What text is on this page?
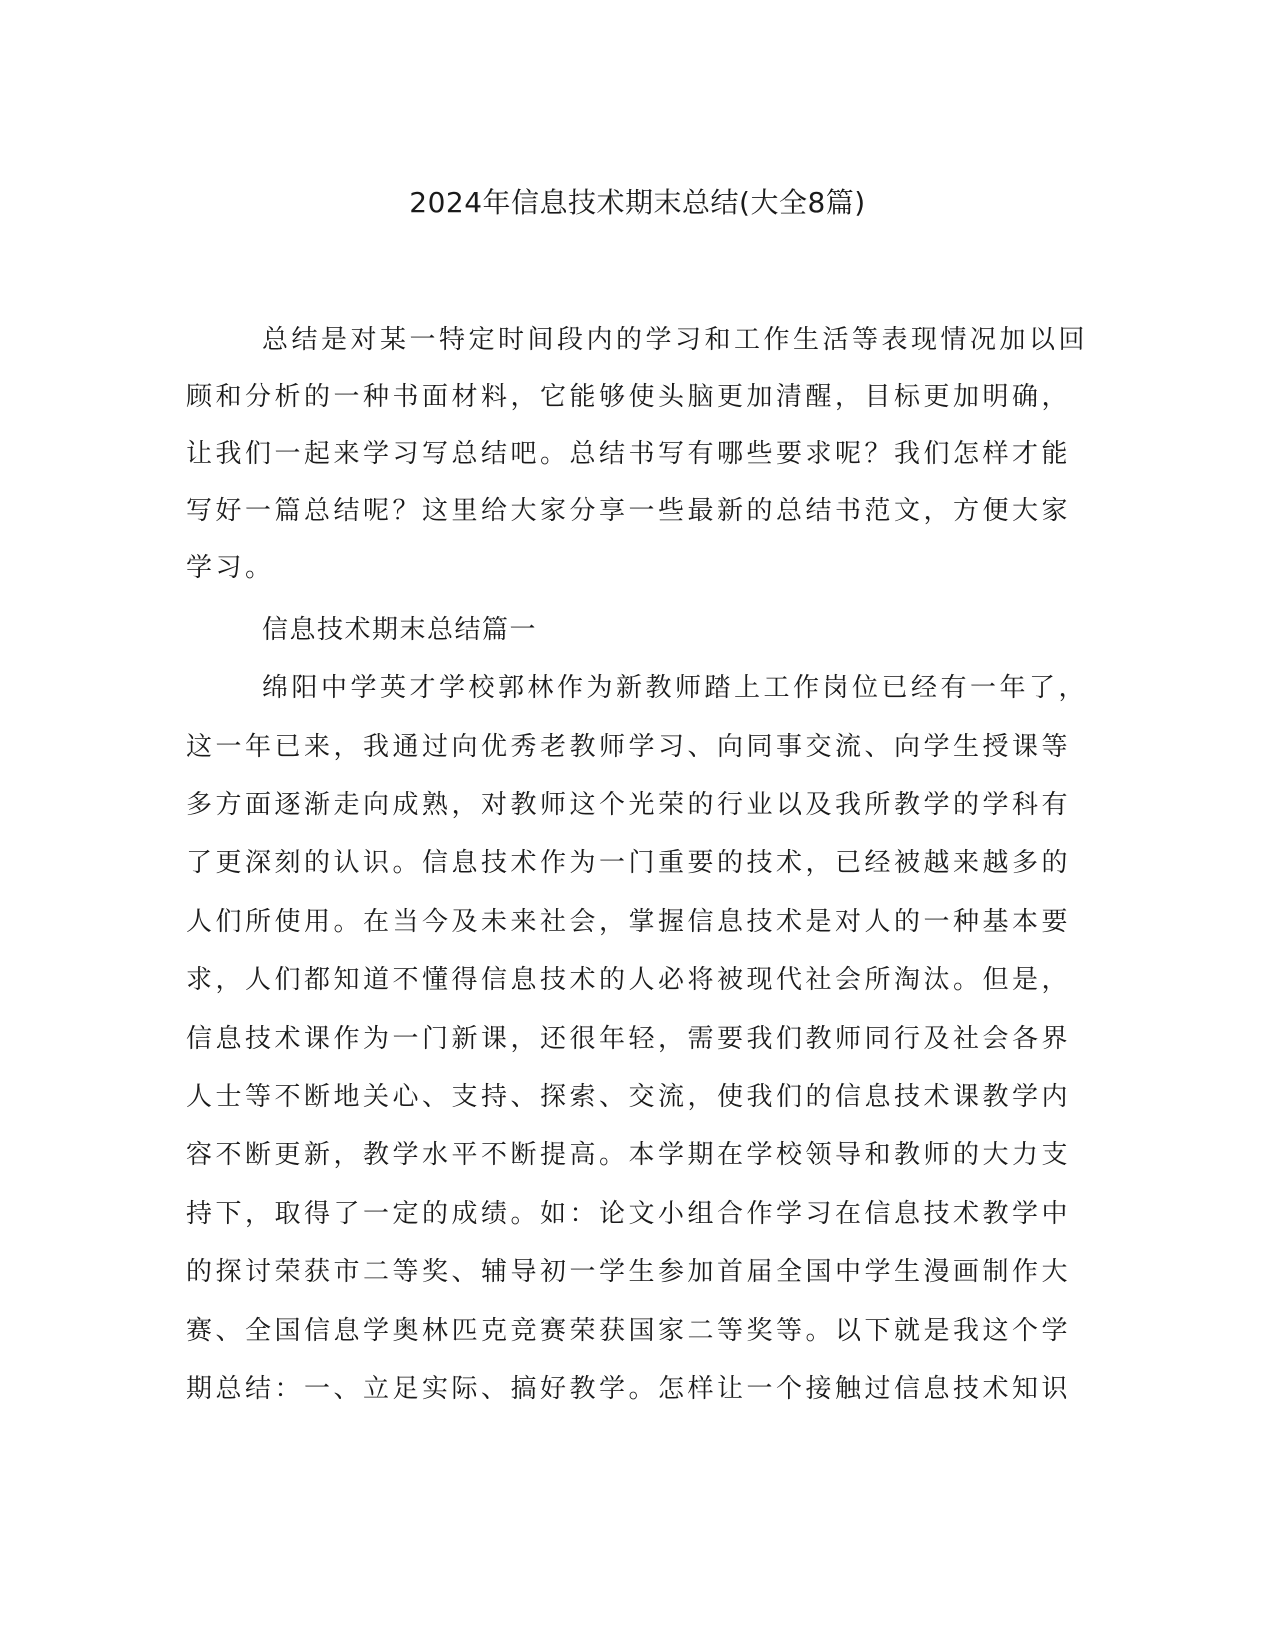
2024年信息技术期末总结(大全8篇)
总结是对某一特定时间段内的学习和工作生活等表现情况加以回
顾和分析的一种书面材料，它能够使头脑更加清醒，目标更加明确，
让我们一起来学习写总结吧。总结书写有哪些要求呢？我们怎样才能
写好一篇总结呢？这里给大家分享一些最新的总结书范文，方便大家
学习。
信息技术期末总结篇一
绵阳中学英才学校郭林作为新教师踏上工作岗位已经有一年了，
这一年已来，我通过向优秀老教师学习、向同事交流、向学生授课等
多方面逐渐走向成熟，对教师这个光荣的行业以及我所教学的学科有
了更深刻的认识。信息技术作为一门重要的技术，已经被越来越多的
人们所使用。在当今及未来社会，掌握信息技术是对人的一种基本要
求，人们都知道不懂得信息技术的人必将被现代社会所淘汰。但是，
信息技术课作为一门新课，还很年轻，需要我们教师同行及社会各界
人士等不断地关心、支持、探索、交流，使我们的信息技术课教学内
容不断更新，教学水平不断提高。本学期在学校领导和教师的大力支
持下，取得了一定的成绩。如：论文小组合作学习在信息技术教学中
的探讨荣获市二等奖、辅导初一学生参加首届全国中学生漫画制作大
赛、全国信息学奥林匹克竞赛荣获国家二等奖等。以下就是我这个学
期总结：一、立足实际、搞好教学。怎样让一个接触过信息技术知识
